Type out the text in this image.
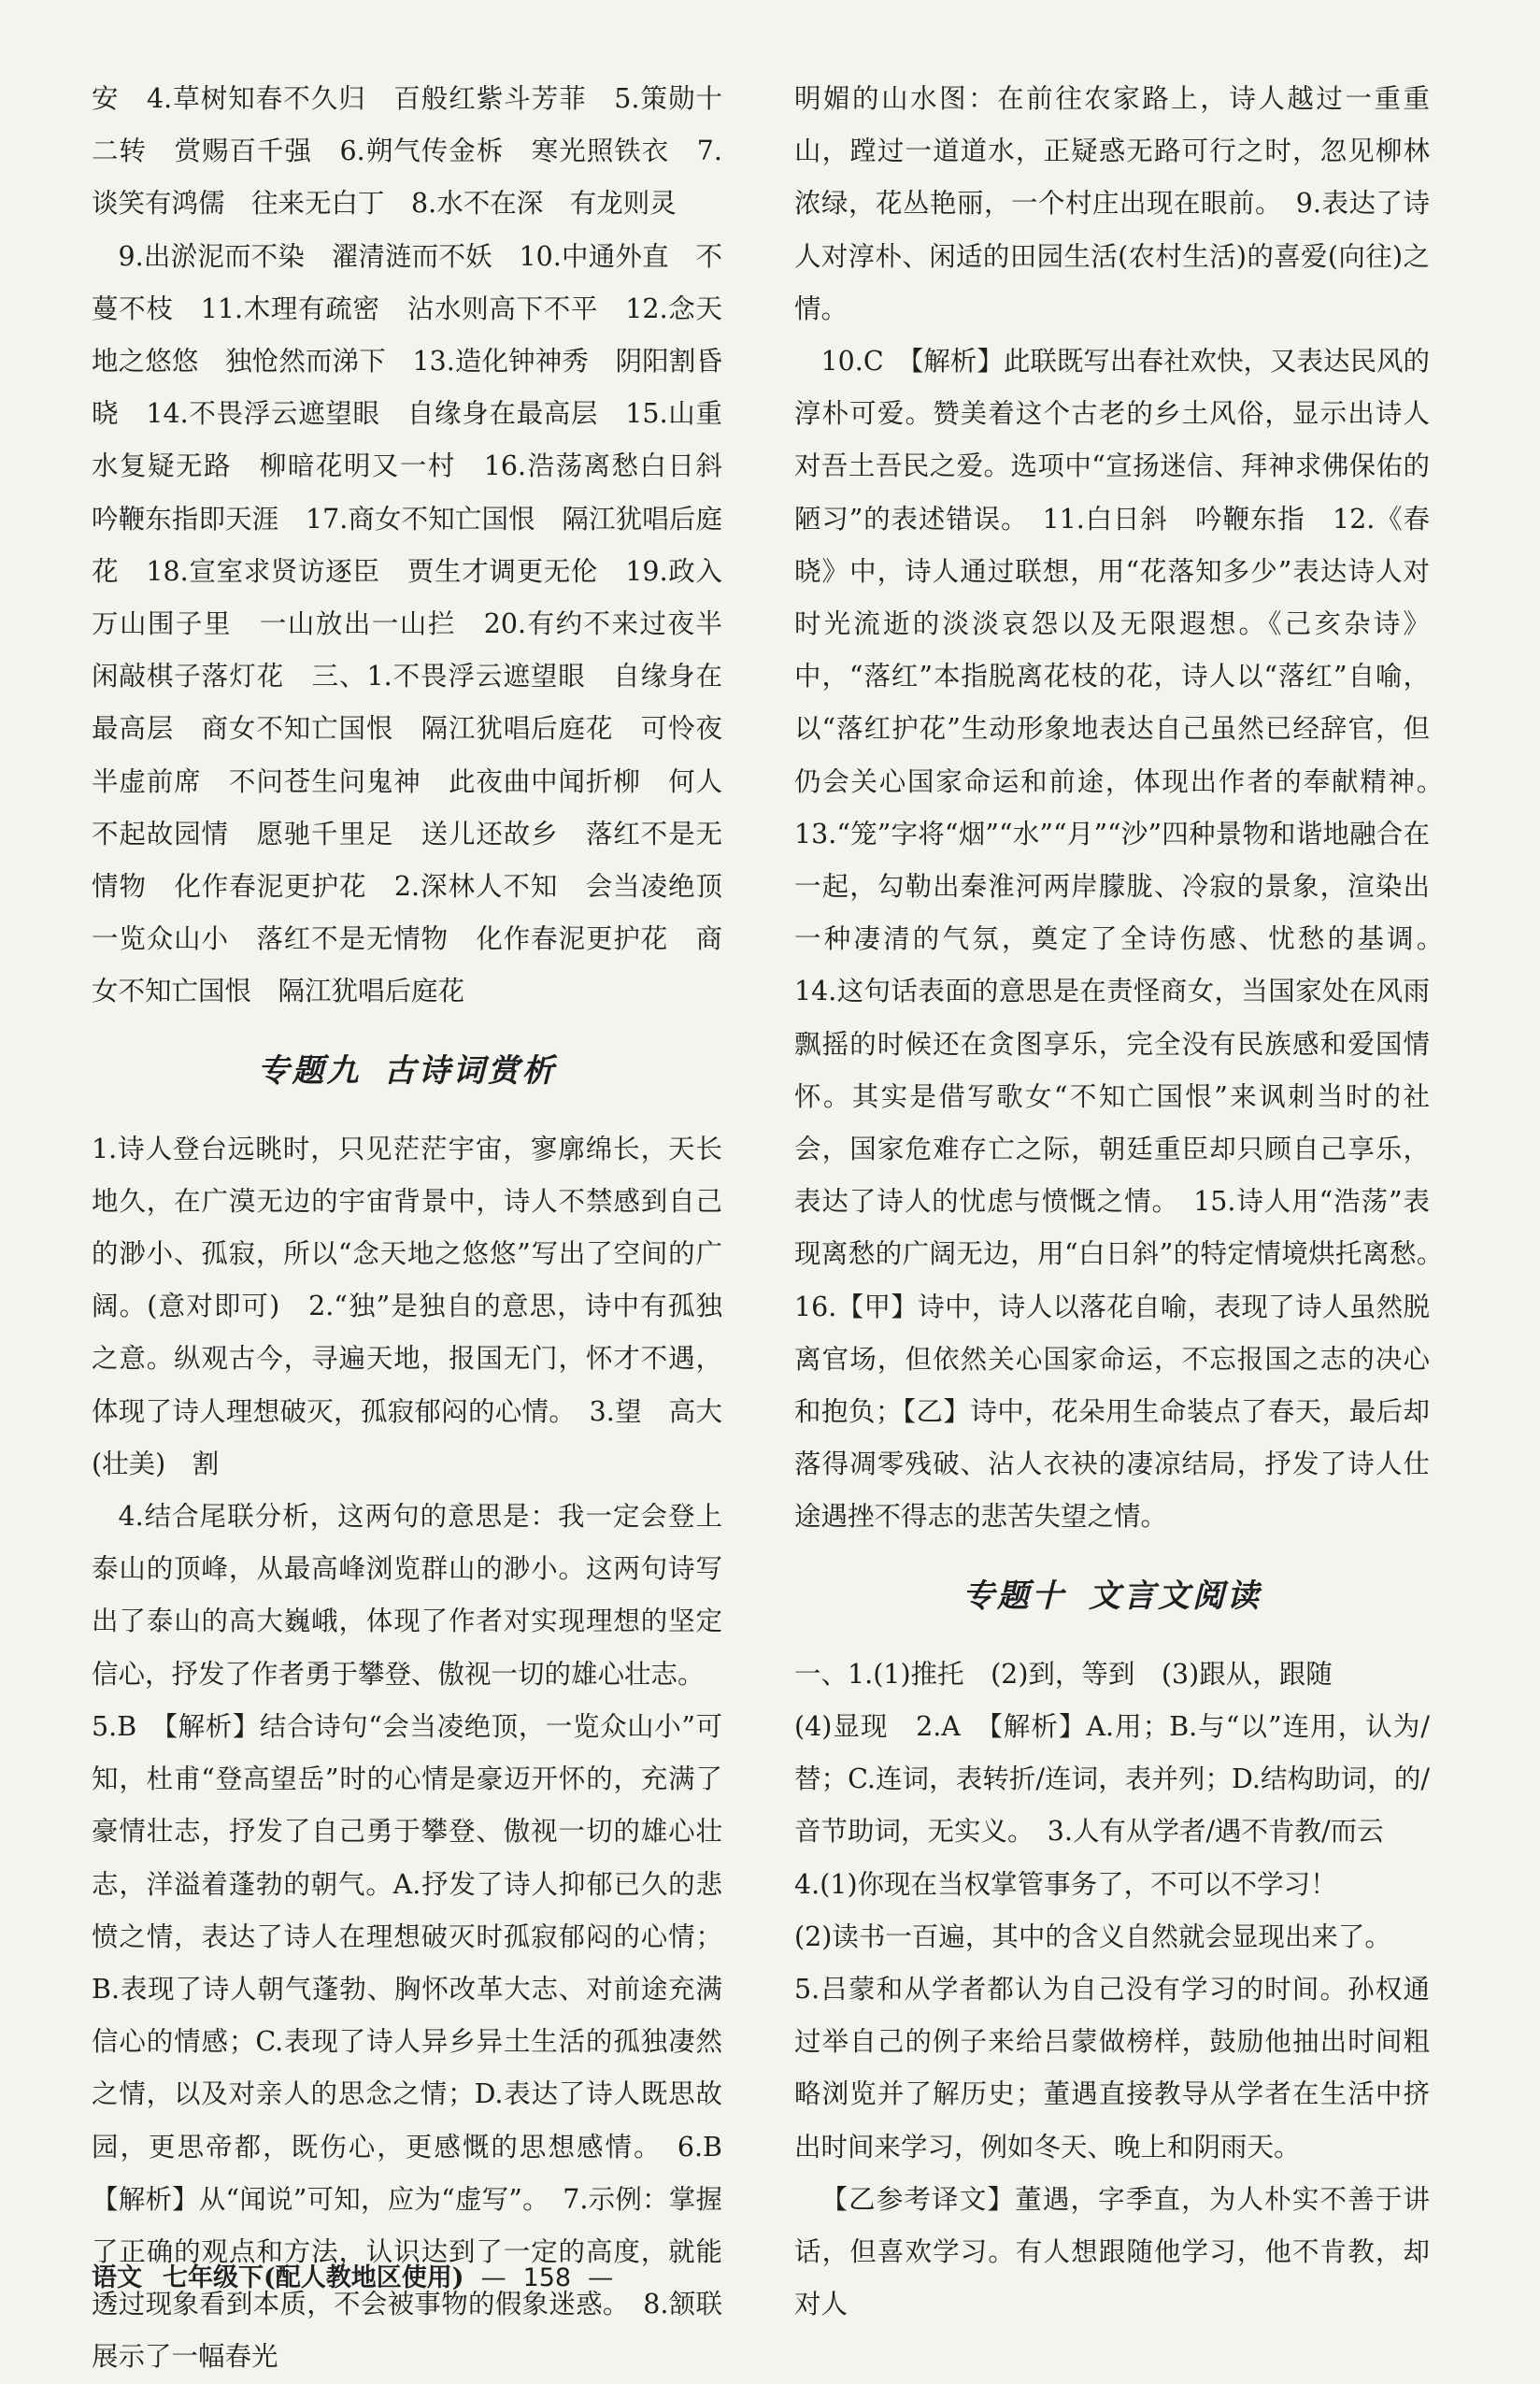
安　4.草树知春不久归　百般红紫斗芳菲　5.策勋十二转　赏赐百千强　6.朔气传金柝　寒光照铁衣　7.谈笑有鸿儒　往来无白丁　8.水不在深　有龙则灵

9.出淤泥而不染　濯清涟而不妖　10.中通外直　不蔓不枝　11.木理有疏密　沾水则高下不平　12.念天地之悠悠　独怆然而涕下　13.造化钟神秀　阴阳割昏晓　14.不畏浮云遮望眼　自缘身在最高层　15.山重水复疑无路　柳暗花明又一村　16.浩荡离愁白日斜　吟鞭东指即天涯　17.商女不知亡国恨　隔江犹唱后庭花　18.宣室求贤访逐臣　贾生才调更无伦　19.政入万山围子里　一山放出一山拦　20.有约不来过夜半　闲敲棋子落灯花　三、1.不畏浮云遮望眼　自缘身在最高层　商女不知亡国恨　隔江犹唱后庭花　可怜夜半虚前席　不问苍生问鬼神　此夜曲中闻折柳　何人不起故园情　愿驰千里足　送儿还故乡　落红不是无情物　化作春泥更护花　2.深林人不知　会当凌绝顶　一览众山小　落红不是无情物　化作春泥更护花　商女不知亡国恨　隔江犹唱后庭花

专题九 古诗词赏析

1.诗人登台远眺时，只见茫茫宇宙，寥廓绵长，天长地久，在广漠无边的宇宙背景中，诗人不禁感到自己的渺小、孤寂，所以“念天地之悠悠”写出了空间的广阔。(意对即可)　2.“独”是独自的意思，诗中有孤独之意。纵观古今，寻遍天地，报国无门，怀才不遇，体现了诗人理想破灭，孤寂郁闷的心情。　3.望　高大(壮美)　割

4.结合尾联分析，这两句的意思是：我一定会登上泰山的顶峰，从最高峰浏览群山的渺小。这两句诗写出了泰山的高大巍峨，体现了作者对实现理想的坚定信心，抒发了作者勇于攀登、傲视一切的雄心壮志。

5.B　【解析】结合诗句“会当凌绝顶，一览众山小”可知，杜甫“登高望岳”时的心情是豪迈开怀的，充满了豪情壮志，抒发了自己勇于攀登、傲视一切的雄心壮志，洋溢着蓬勃的朝气。A.抒发了诗人抑郁已久的悲愤之情，表达了诗人在理想破灭时孤寂郁闷的心情；B.表现了诗人朝气蓬勃、胸怀改革大志、对前途充满信心的情感；C.表现了诗人异乡异土生活的孤独凄然之情，以及对亲人的思念之情；D.表达了诗人既思故园，更思帝都，既伤心，更感慨的思想感情。　6.B　【解析】从“闻说”可知，应为“虚写”。　7.示例：掌握了正确的观点和方法，认识达到了一定的高度，就能透过现象看到本质，不会被事物的假象迷惑。　8.颔联展示了一幅春光

明媚的山水图：在前往农家路上，诗人越过一重重山，蹚过一道道水，正疑惑无路可行之时，忽见柳林浓绿，花丛艳丽，一个村庄出现在眼前。　9.表达了诗人对淳朴、闲适的田园生活(农村生活)的喜爱(向往)之情。

10.C　【解析】此联既写出春社欢快，又表达民风的淳朴可爱。赞美着这个古老的乡土风俗，显示出诗人对吾土吾民之爱。选项中“宣扬迷信、拜神求佛保佑的陋习”的表述错误。　11.白日斜　吟鞭东指　12.《春晓》中，诗人通过联想，用“花落知多少”表达诗人对时光流逝的淡淡哀怨以及无限遐想。《己亥杂诗》中，“落红”本指脱离花枝的花，诗人以“落红”自喻，以“落红护花”生动形象地表达自己虽然已经辞官，但仍会关心国家命运和前途，体现出作者的奉献精神。　13.“笼”字将“烟”“水”“月”“沙”四种景物和谐地融合在一起，勾勒出秦淮河两岸朦胧、冷寂的景象，渲染出一种凄清的气氛，奠定了全诗伤感、忧愁的基调。　14.这句话表面的意思是在责怪商女，当国家处在风雨飘摇的时候还在贪图享乐，完全没有民族感和爱国情怀。其实是借写歌女“不知亡国恨”来讽刺当时的社会，国家危难存亡之际，朝廷重臣却只顾自己享乐，表达了诗人的忧虑与愤慨之情。　15.诗人用“浩荡”表现离愁的广阔无边，用“白日斜”的特定情境烘托离愁。　16.【甲】诗中，诗人以落花自喻，表现了诗人虽然脱离官场，但依然关心国家命运，不忘报国之志的决心和抱负；【乙】诗中，花朵用生命装点了春天，最后却落得凋零残破、沾人衣袂的凄凉结局，抒发了诗人仕途遇挫不得志的悲苦失望之情。

专题十 文言文阅读

一、1.(1)推托　(2)到，等到　(3)跟从，跟随

(4)显现　2.A　【解析】A.用；B.与“以”连用，认为/替；C.连词，表转折/连词，表并列；D.结构助词，的/音节助词，无实义。　3.人有从学者/遇不肯教/而云

4.(1)你现在当权掌管事务了，不可以不学习！

(2)读书一百遍，其中的含义自然就会显现出来了。

5.吕蒙和从学者都认为自己没有学习的时间。孙权通过举自己的例子来给吕蒙做榜样，鼓励他抽出时间粗略浏览并了解历史；董遇直接教导从学者在生活中挤出时间来学习，例如冬天、晚上和阴雨天。

【乙参考译文】董遇，字季直，为人朴实不善于讲话，但喜欢学习。有人想跟随他学习，他不肯教，却对人

语文 七年级下(配人教地区使用) — 158 —
